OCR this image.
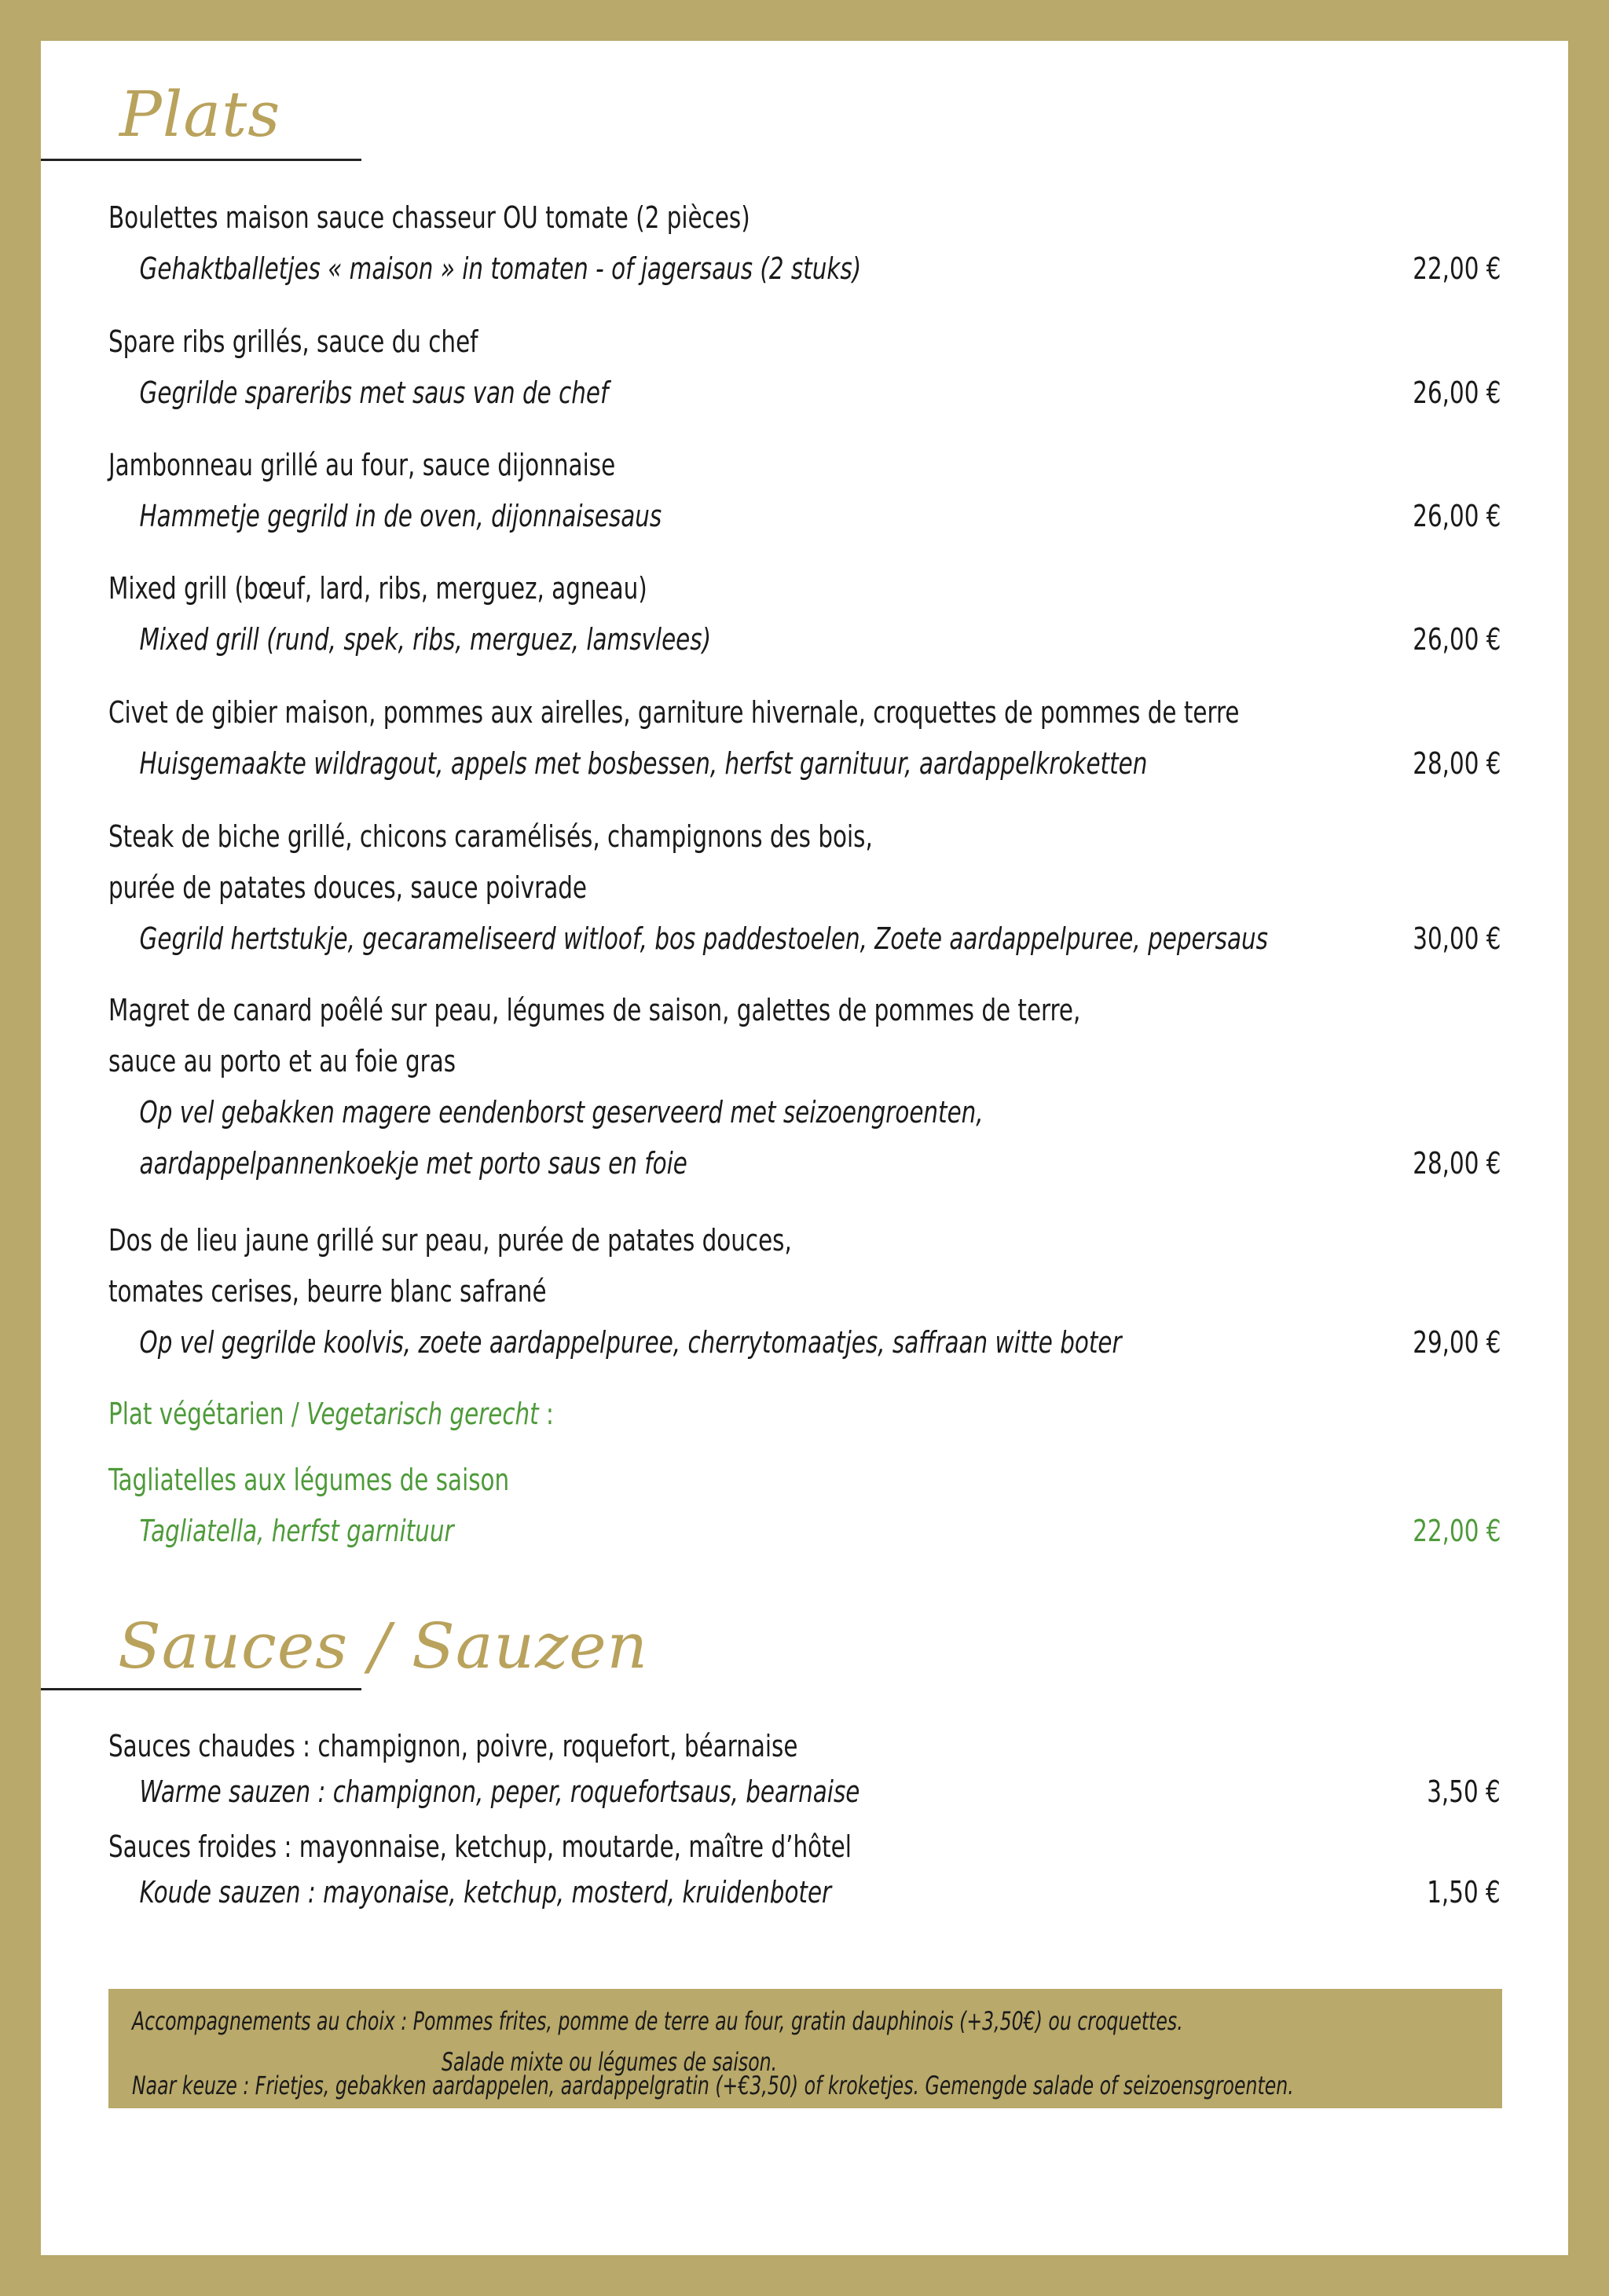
Plats
Boulettes maison sauce chasseur OU tomate (2 pièces)
Gehaktballetjes « maison » in tomaten - of jagersaus (2 stuks)	22,00 €
Spare ribs grillés, sauce du chef
Gegrilde spareribs met saus van de chef	26,00 €
Jambonneau grillé au four, sauce dijonnaise
Hammetje gegrild in de oven, dijonnaisesaus	26,00 €
Mixed grill (bœuf, lard, ribs, merguez, agneau)
Mixed grill (rund, spek, ribs, merguez, lamsvlees)	26,00 €
Civet de gibier maison, pommes aux airelles, garniture hivernale, croquettes de pommes de terre
Huisgemaakte wildragout, appels met bosbessen, herfst garnituur, aardappelkroketten	28,00 €
Steak de biche grillé, chicons caramélisés, champignons des bois,
purée de patates douces, sauce poivrade
Gegrild hertstukje, gecarameliseerd witloof, bos paddestoelen, Zoete aardappelpuree, pepersaus	30,00 €
Magret de canard poêlé sur peau, légumes de saison, galettes de pommes de terre,
sauce au porto et au foie gras
Op vel gebakken magere eendenborst geserveerd met seizoengroenten,
aardappelpannenkoekje met porto saus en foie	28,00 €
Dos de lieu jaune grillé sur peau, purée de patates douces,
tomates cerises, beurre blanc safrané
Op vel gegrilde koolvis, zoete aardappelpuree, cherrytomaatjes, saffraan witte boter	29,00 €
Plat végétarien / Vegetarisch gerecht :
Tagliatelles aux légumes de saison
Tagliatella, herfst garnituur	22,00 €
Sauces / Sauzen
Sauces chaudes : champignon, poivre, roquefort, béarnaise
Warme sauzen : champignon, peper, roquefortsaus, bearnaise	3,50 €
Sauces froides : mayonnaise, ketchup, moutarde, maître d’hôtel
Koude sauzen : mayonaise, ketchup, mosterd, kruidenboter	1,50 €
Accompagnements au choix : Pommes frites, pomme de terre au four, gratin dauphinois (+3,50€) ou croquettes.
Salade mixte ou légumes de saison.
Naar keuze : Frietjes, gebakken aardappelen, aardappelgratin (+€3,50) of kroketjes. Gemengde salade of seizoensgroenten.
